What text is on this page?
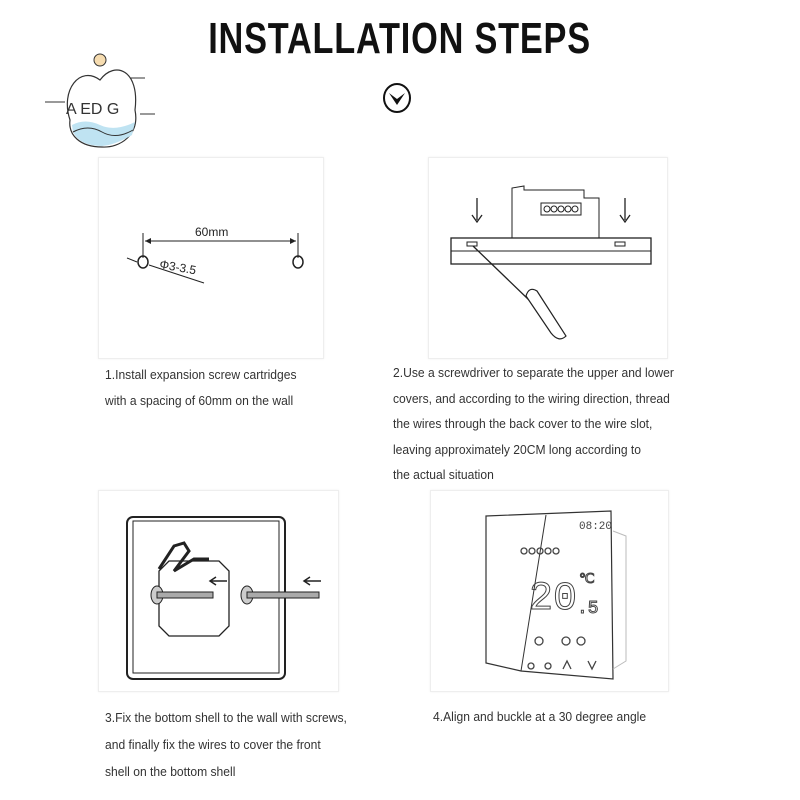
INSTALLATION STEPS
A ED G
60mm
Φ3-3.5
1.Install expansion screw cartridges
with a spacing of 60mm on the wall
2.Use a screwdriver to separate the upper and lower
covers, and according to the wiring direction, thread
the wires through the back cover to the wire slot,
leaving approximately 20CM long according to
the actual situation
3.Fix the bottom shell to the wall with screws,
and finally fix the wires to cover the front
shell on the bottom shell
08:20
20 .5
℃
4.Align and buckle at a 30 degree angle
